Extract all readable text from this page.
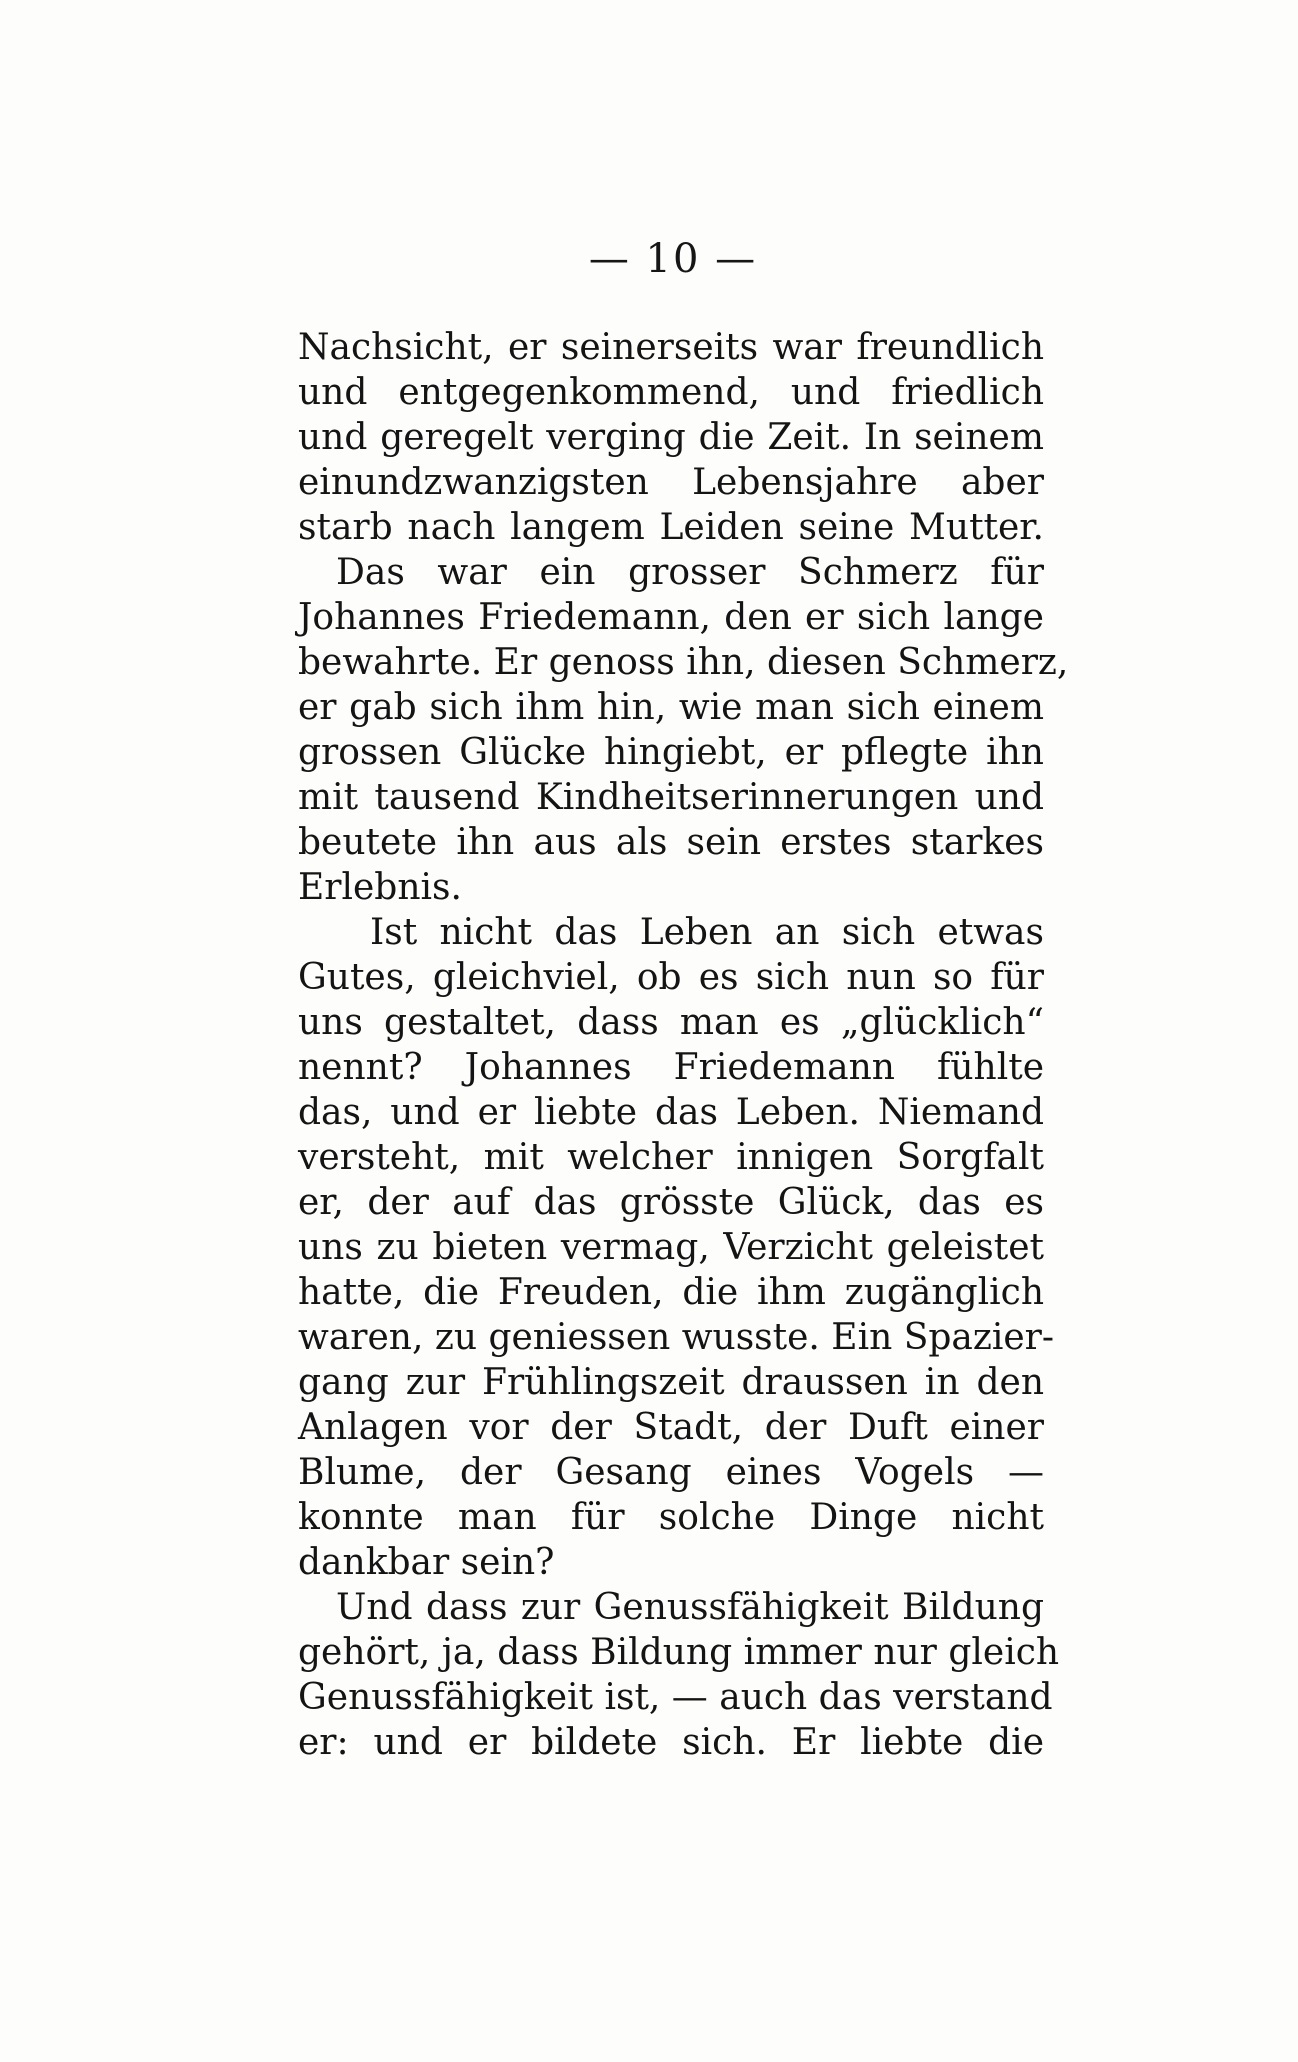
— 10 —
Nachsicht, er seinerseits war freundlich
und entgegenkommend, und friedlich
und geregelt verging die Zeit. In seinem
einundzwanzigsten Lebensjahre aber
starb nach langem Leiden seine Mutter.
Das war ein grosser Schmerz für
Johannes Friedemann, den er sich lange
bewahrte. Er genoss ihn, diesen Schmerz,
er gab sich ihm hin, wie man sich einem
grossen Glücke hingiebt, er pflegte ihn
mit tausend Kindheitserinnerungen und
beutete ihn aus als sein erstes starkes
Erlebnis.
Ist nicht das Leben an sich etwas
Gutes, gleichviel, ob es sich nun so für
uns gestaltet, dass man es „glücklich“
nennt? Johannes Friedemann fühlte
das, und er liebte das Leben. Niemand
versteht, mit welcher innigen Sorgfalt
er, der auf das grösste Glück, das es
uns zu bieten vermag, Verzicht geleistet
hatte, die Freuden, die ihm zugänglich
waren, zu geniessen wusste. Ein Spazier-
gang zur Frühlingszeit draussen in den
Anlagen vor der Stadt, der Duft einer
Blume, der Gesang eines Vogels —
konnte man für solche Dinge nicht
dankbar sein?
Und dass zur Genussfähigkeit Bildung
gehört, ja, dass Bildung immer nur gleich
Genussfähigkeit ist, — auch das verstand
er: und er bildete sich. Er liebte die
